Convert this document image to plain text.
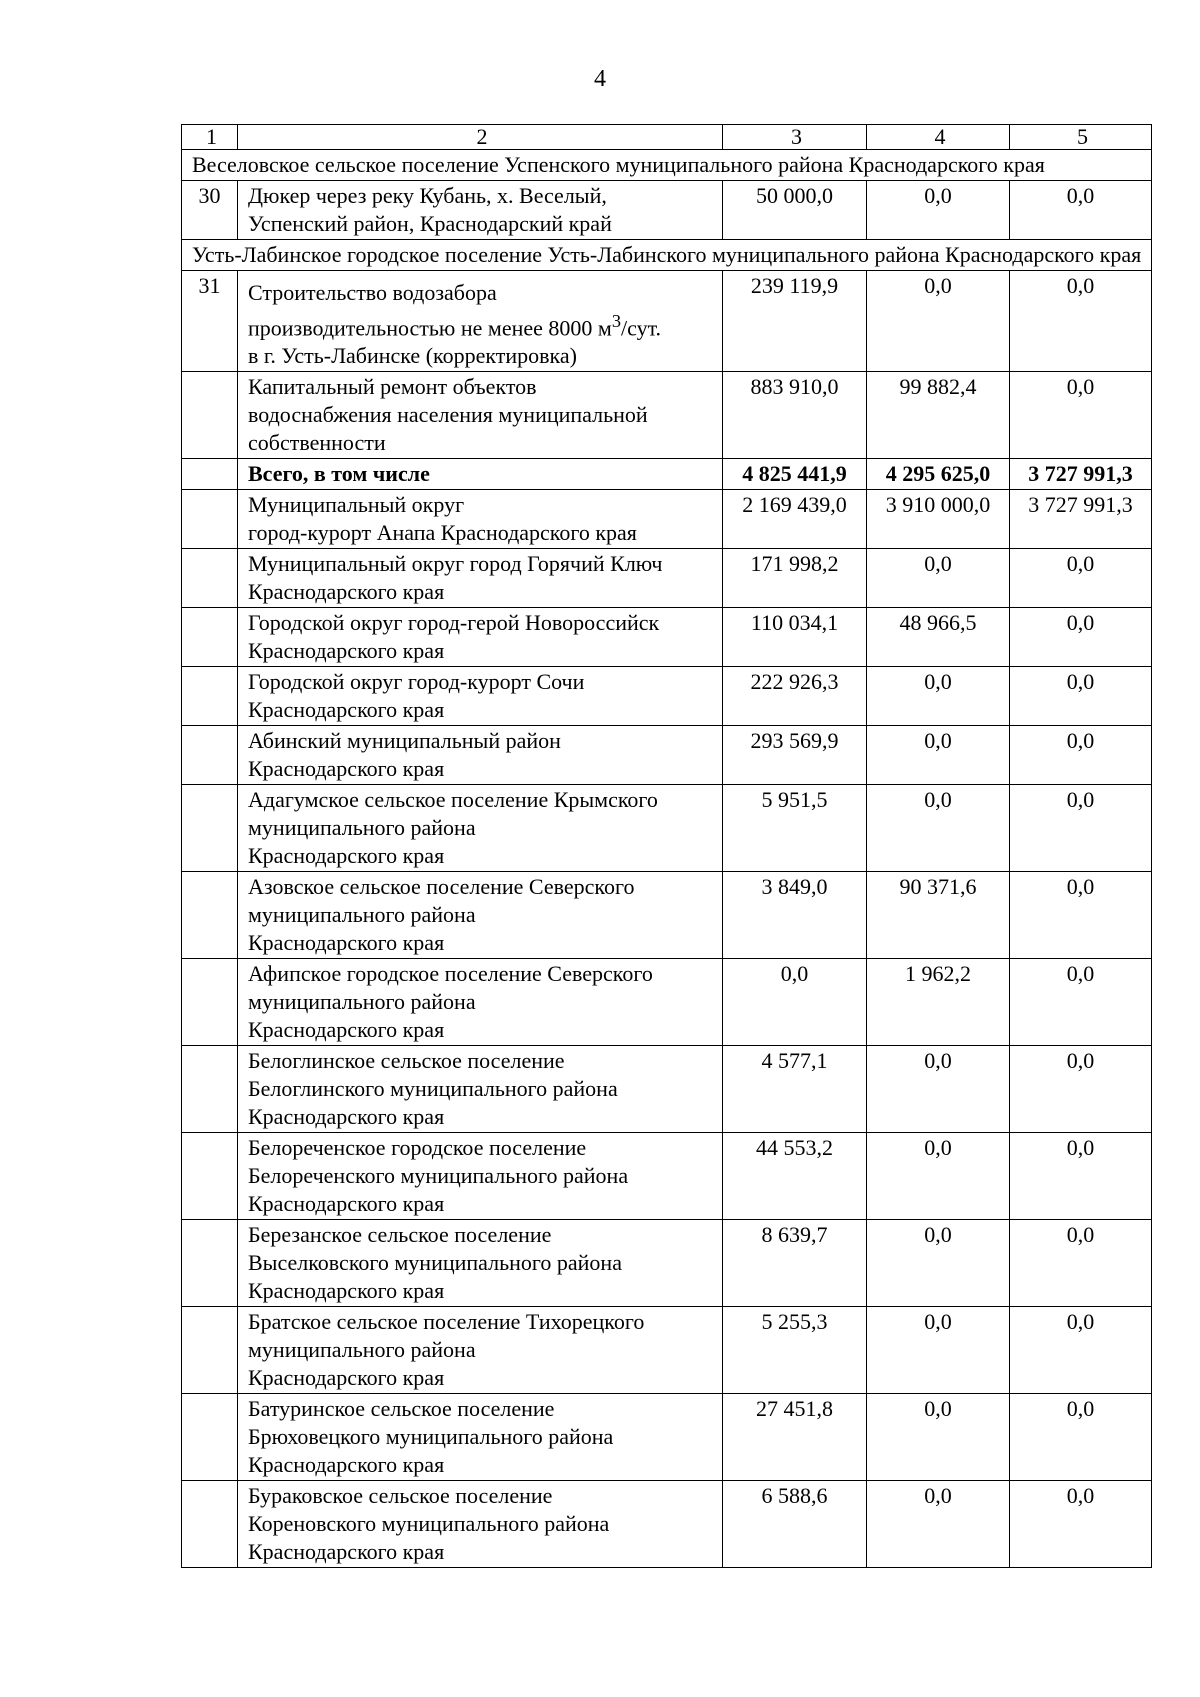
4
1	2	3	4	5
Веселовское сельское поселение Успенского муниципального района Краснодарского края				
30	Дюкер через реку Кубань, х. Веселый,
Успенский район, Краснодарский край	50 000,0	0,0	0,0
Усть-Лабинское городское поселение Усть-Лабинского муниципального района Краснодарского края				
31	Строительство водозабора
производительностью не менее 8000 $м^3$/сут.
в г. Усть-Лабинске (корректировка)	239 119,9	0,0	0,0

	Капитальный ремонт объектов
водоснабжения населения муниципальной
собственности	883 910,0	99 882,4	0,0
	Всего, в том числе	4 825 441,9	4 295 625,0	3 727 991,3

	Муниципальный округ
город-курорт Анапа Краснодарского края	2 169 439,0	3 910 000,0	3 727 991,3

	Муниципальный округ город Горячий Ключ
Краснодарского края	171 998,2	0,0	0,0

	Городской округ город-герой Новороссийск
Краснодарского края	110 034,1	48 966,5	0,0

	Городской округ город-курорт Сочи
Краснодарского края	222 926,3	0,0	0,0

	Абинский муниципальный район
Краснодарского края	293 569,9	0,0	0,0

	Адагумское сельское поселение Крымского
муниципального района
Краснодарского края	5 951,5	0,0	0,0

	Азовское сельское поселение Северского
муниципального района
Краснодарского края	3 849,0	90 371,6	0,0

	Афипское городское поселение Северского
муниципального района
Краснодарского края	0,0	1 962,2	0,0

	Белоглинское сельское поселение
Белоглинского муниципального района
Краснодарского края	4 577,1	0,0	0,0

	Белореченское городское поселение
Белореченского муниципального района
Краснодарского края	44 553,2	0,0	0,0

	Березанское сельское поселение
Выселковского муниципального района
Краснодарского края	8 639,7	0,0	0,0

	Братское сельское поселение Тихорецкого
муниципального района
Краснодарского края	5 255,3	0,0	0,0

	Батуринское сельское поселение
Брюховецкого муниципального района
Краснодарского края	27 451,8	0,0	0,0

	Бураковское сельское поселение
Кореновского муниципального района
Краснодарского края	6 588,6	0,0	0,0
